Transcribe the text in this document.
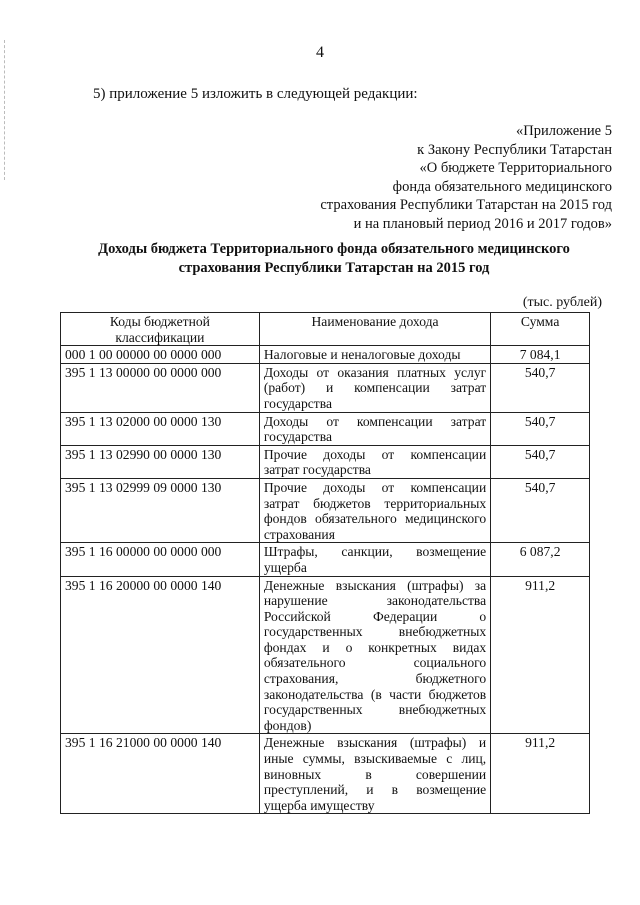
4
5) приложение 5 изложить в следующей редакции:
«Приложение 5
к Закону Республики Татарстан
«О бюджете Территориального
фонда обязательного медицинского
страхования Республики Татарстан на 2015 год
и на плановый период 2016 и 2017 годов»
Доходы бюджета Территориального фонда обязательного медицинского
страхования Республики Татарстан на 2015 год
(тыс. рублей)
Коды бюджетной классификации	Наименование дохода	Сумма
000 1 00 00000 00 0000 000	Налоговые и неналоговые доходы	7 084,1
395 1 13 00000 00 0000 000	Доходы от оказания платных услуг (работ) и компенсации затрат государства	540,7
395 1 13 02000 00 0000 130	Доходы от компенсации затрат государства	540,7
395 1 13 02990 00 0000 130	Прочие доходы от компенсации затрат государства	540,7
395 1 13 02999 09 0000 130	Прочие доходы от компенсации затрат бюджетов территориальных фондов обязательного медицинского страхования	540,7
395 1 16 00000 00 0000 000	Штрафы, санкции, возмещение ущерба	6 087,2
395 1 16 20000 00 0000 140	Денежные взыскания (штрафы) за нарушение законодательства Российской Федерации о государственных внебюджетных фондах и о конкретных видах обязательного социального страхования, бюджетного законодательства (в части бюджетов государственных внебюджетных фондов)	911,2
395 1 16 21000 00 0000 140	Денежные взыскания (штрафы) и иные суммы, взыскиваемые с лиц, виновных в совершении преступлений, и в возмещение ущерба имуществу	911,2
